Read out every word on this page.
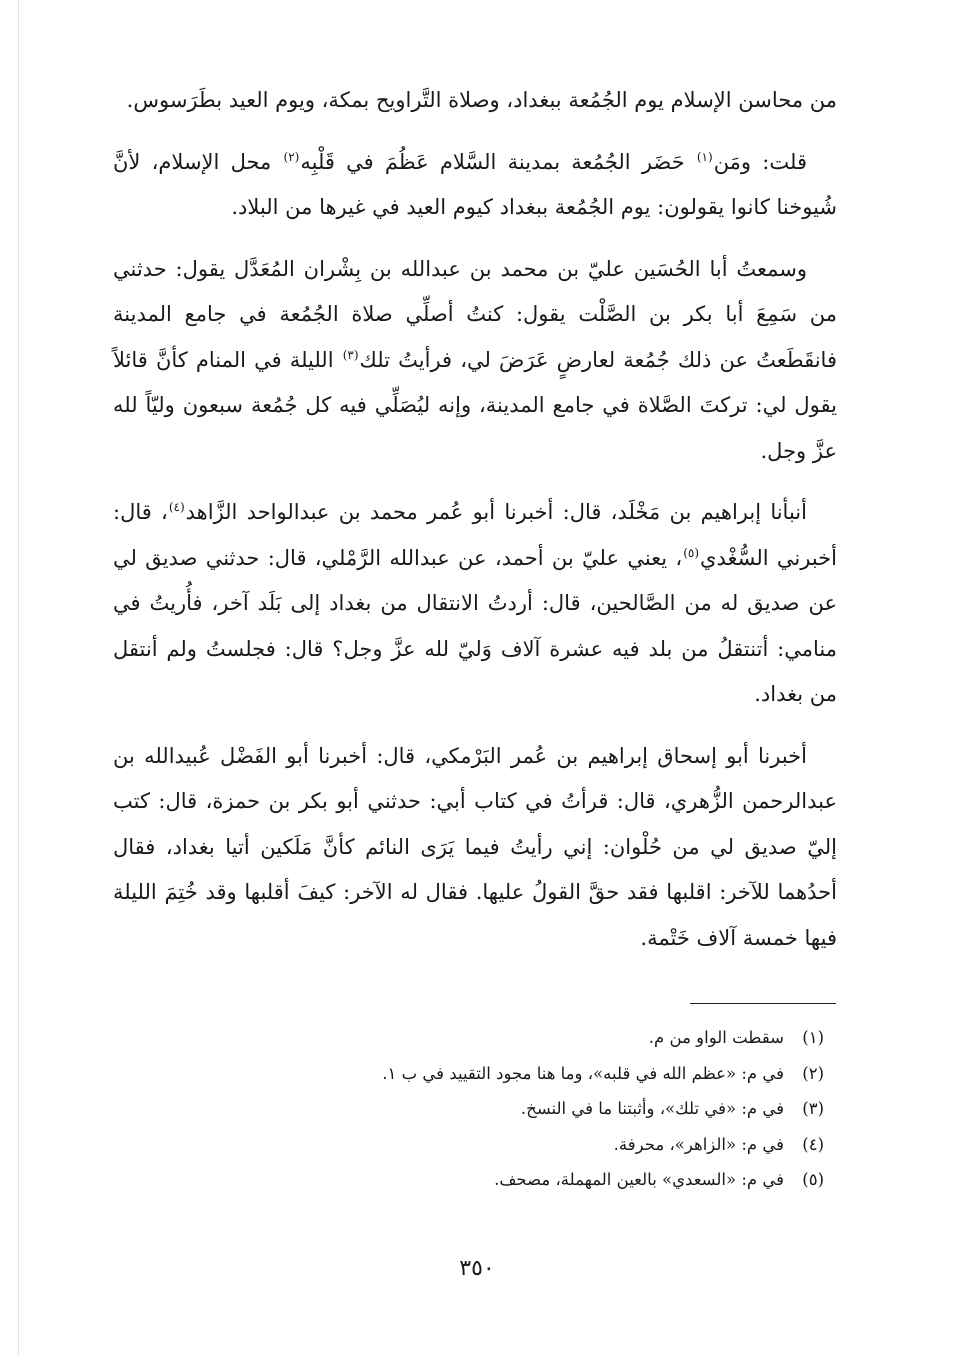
من محاسن الإسلام يوم الجُمُعة ببغداد، وصلاة التَّراويح بمكة، ويوم العيد بطَرَسوس.

قلت: ومَن$^{(١)}$ حَضَر الجُمُعة بمدينة السَّلام عَظُمَ في قَلْبِه$^{(٢)}$ محل الإسلام، لأنَّ شُيوخنا كانوا يقولون: يوم الجُمُعة ببغداد كيوم العيد في غيرها من البلاد.

وسمعتُ أبا الحُسَين عليّ بن محمد بن عبدالله بن بِشْران المُعَدَّل يقول: حدثني من سَمِعَ أبا بكر بن الصَّلْت يقول: كنتُ أصلِّي صلاة الجُمُعة في جامع المدينة فانقَطَعتُ عن ذلك جُمُعة لعارضٍ عَرَضَ لي، فرأيتُ تلك$^{(٣)}$ الليلة في المنام كأنَّ قائلاً يقول لي: تركتَ الصَّلاة في جامع المدينة، وإنه ليُصَلِّي فيه كل جُمُعة سبعون وليّاً لله عزَّ وجل.

أنبأنا إبراهيم بن مَخْلَد، قال: أخبرنا أبو عُمر محمد بن عبدالواحد الزَّاهد$^{(٤)}$، قال: أخبرني السُّغْدي$^{(٥)}$، يعني عليّ بن أحمد، عن عبدالله الرَّمْلي، قال: حدثني صديق لي عن صديق له من الصَّالحين، قال: أردتُ الانتقال من بغداد إلى بَلَد آخر، فأُريتُ في منامي: أتنتقلُ من بلد فيه عشرة آلاف وَليّ لله عزَّ وجل؟ قال: فجلستُ ولم أنتقل من بغداد.

أخبرنا أبو إسحاق إبراهيم بن عُمر البَرْمكي، قال: أخبرنا أبو الفَضْل عُبيدالله بن عبدالرحمن الزُّهري، قال: قرأتُ في كتاب أبي: حدثني أبو بكر بن حمزة، قال: كتب إليّ صديق لي من حُلْوان: إني رأيتُ فيما يَرَى النائم كأنَّ مَلَكين أتيا بغداد، فقال أحدُهما للآخر: اقلبها فقد حقَّ القولُ عليها. فقال له الآخر: كيفَ أقلبها وقد خُتِمَ الليلة فيها خمسة آلاف خَتْمة.

(١)
سقطت الواو من م.
(٢)
في م: «عظم الله في قلبه»، وما هنا مجود التقييد في ب ١.
(٣)
في م: «في تلك»، وأثبتنا ما في النسخ.
(٤)
في م: «الزاهر»، محرفة.
(٥)
في م: «السعدي» بالعين المهملة، مصحف.
٣٥٠
